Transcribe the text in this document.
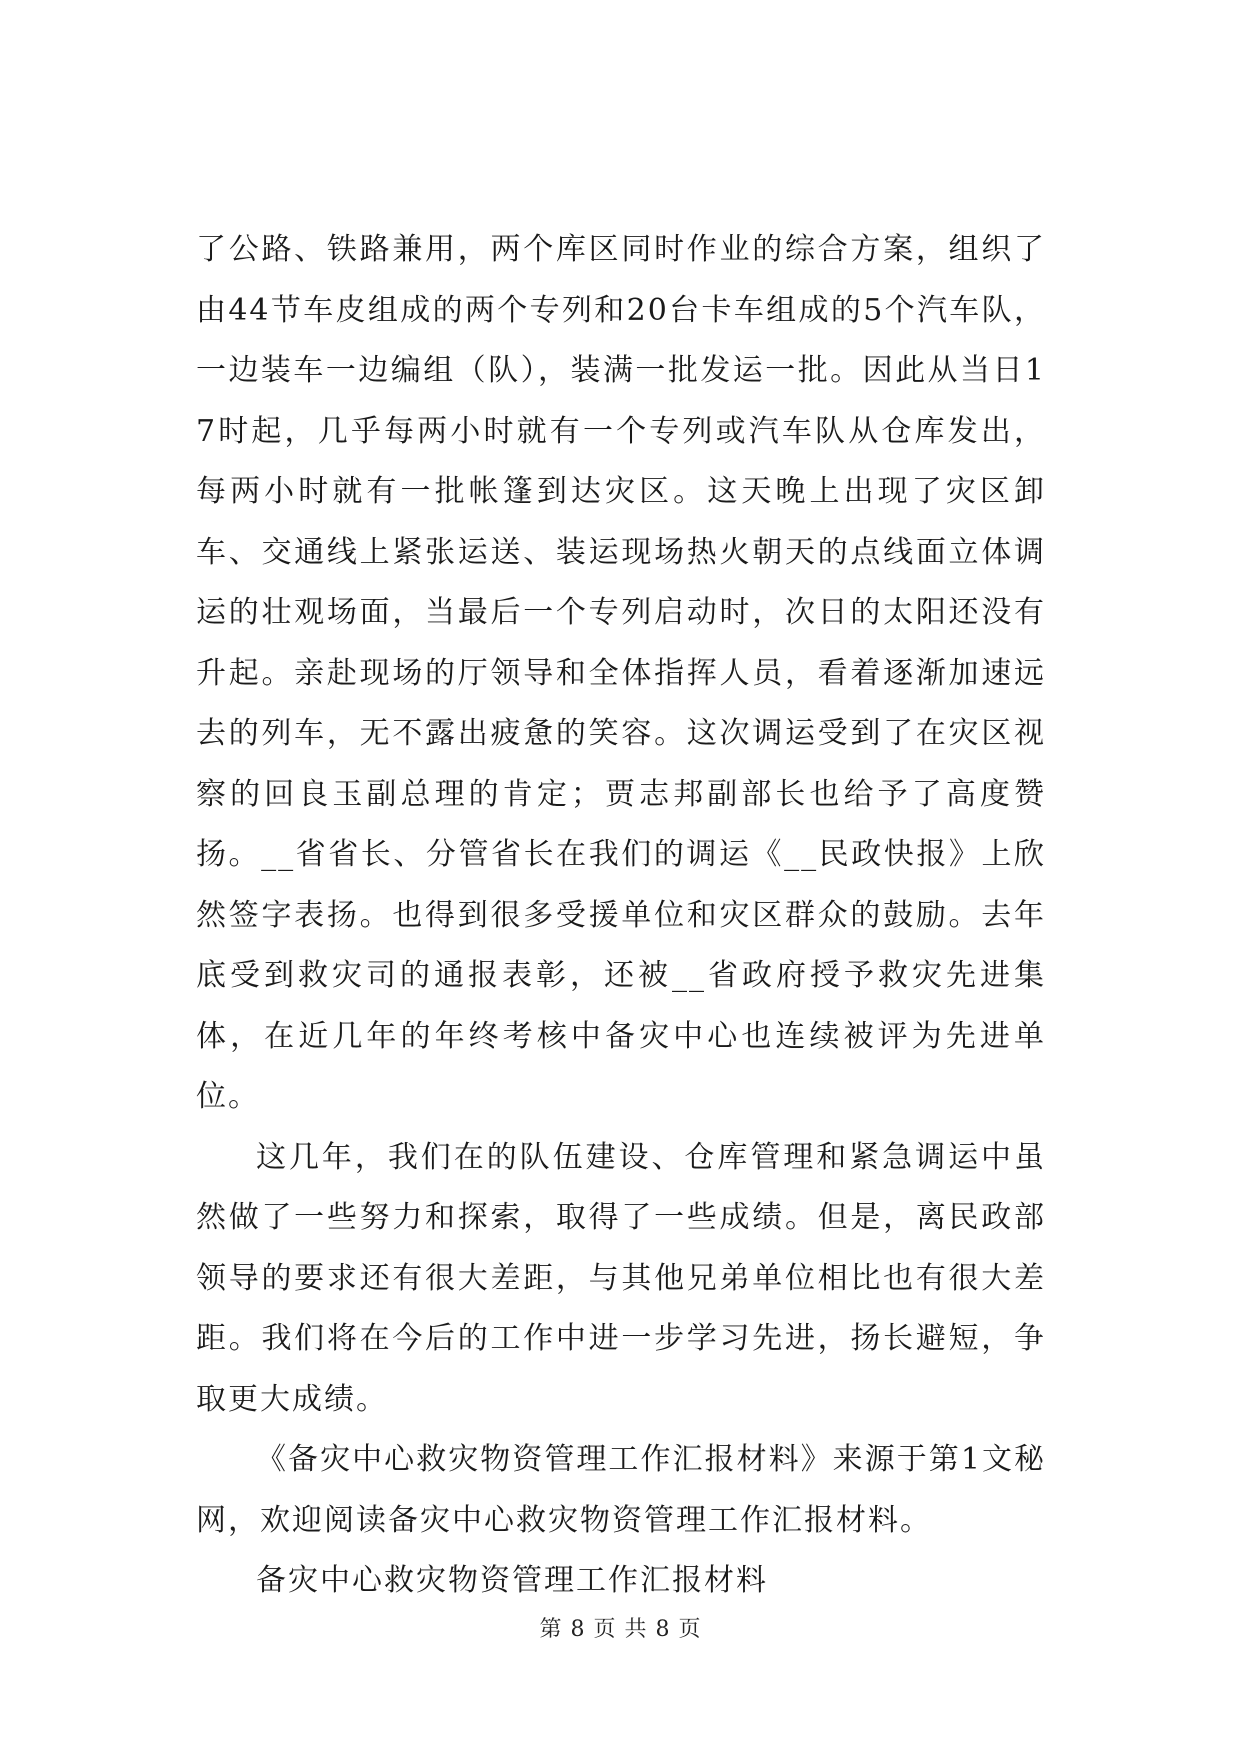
了公路、铁路兼用，两个库区同时作业的综合方案，组织了由44节车皮组成的两个专列和20台卡车组成的5个汽车队，一边装车一边编组（队），装满一批发运一批。因此从当日17时起，几乎每两小时就有一个专列或汽车队从仓库发出，每两小时就有一批帐篷到达灾区。这天晚上出现了灾区卸车、交通线上紧张运送、装运现场热火朝天的点线面立体调运的壮观场面，当最后一个专列启动时，次日的太阳还没有升起。亲赴现场的厅领导和全体指挥人员，看着逐渐加速远去的列车，无不露出疲惫的笑容。这次调运受到了在灾区视察的回良玉副总理的肯定；贾志邦副部长也给予了高度赞扬。__省省长、分管省长在我们的调运《__民政快报》上欣然签字表扬。也得到很多受援单位和灾区群众的鼓励。去年底受到救灾司的通报表彰，还被__省政府授予救灾先进集体，在近几年的年终考核中备灾中心也连续被评为先进单位。

这几年，我们在的队伍建设、仓库管理和紧急调运中虽然做了一些努力和探索，取得了一些成绩。但是，离民政部领导的要求还有很大差距，与其他兄弟单位相比也有很大差距。我们将在今后的工作中进一步学习先进，扬长避短，争取更大成绩。

《备灾中心救灾物资管理工作汇报材料》来源于第1文秘网，欢迎阅读备灾中心救灾物资管理工作汇报材料。

备灾中心救灾物资管理工作汇报材料

第 8 页 共 8 页
